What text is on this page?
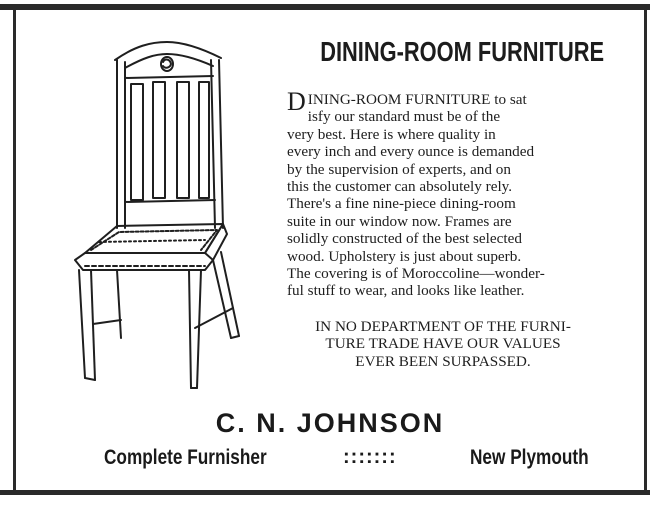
DINING-ROOM FURNITURE
D INING-ROOM FURNITURE to sat
isfy our standard must be of the
very best. Here is where quality in
every inch and every ounce is demanded
by the supervision of experts, and on
this the customer can absolutely rely.
There's a fine nine-piece dining-room
suite in our window now. Frames are
solidly constructed of the best selected
wood. Upholstery is just about superb.
The covering is of Moroccoline—wonder-
ful stuff to wear, and looks like leather.
IN NO DEPARTMENT OF THE FURNI-
TURE TRADE HAVE OUR VALUES
EVER BEEN SURPASSED.
C. N. JOHNSON
Complete Furnisher	:::::::	New Plymouth
